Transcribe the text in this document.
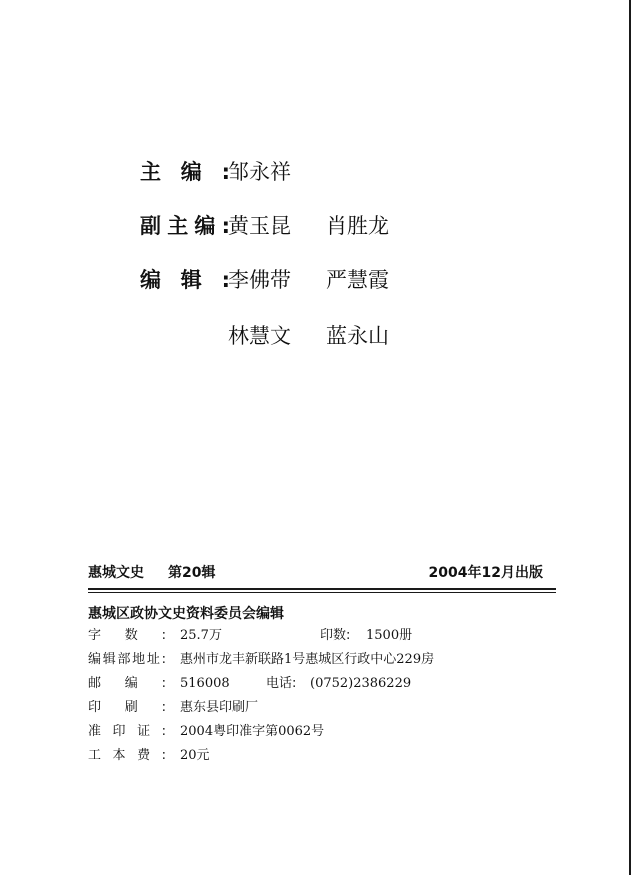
主编:
邹永祥
副主编:
黄玉昆 肖胜龙
编辑:
李佛带 严慧霞
林慧文 蓝永山
惠城文史 第20辑	2004年12月出版
惠城区政协文史资料委员会编辑
字数: 25.7万	印数: 1500册
编辑部地址: 惠州市龙丰新联路1号惠城区行政中心229房
邮编: 516008	电话: (0752)2386229
印刷: 惠东县印刷厂
准印证: 2004粤印准字第0062号
工本费: 20元
